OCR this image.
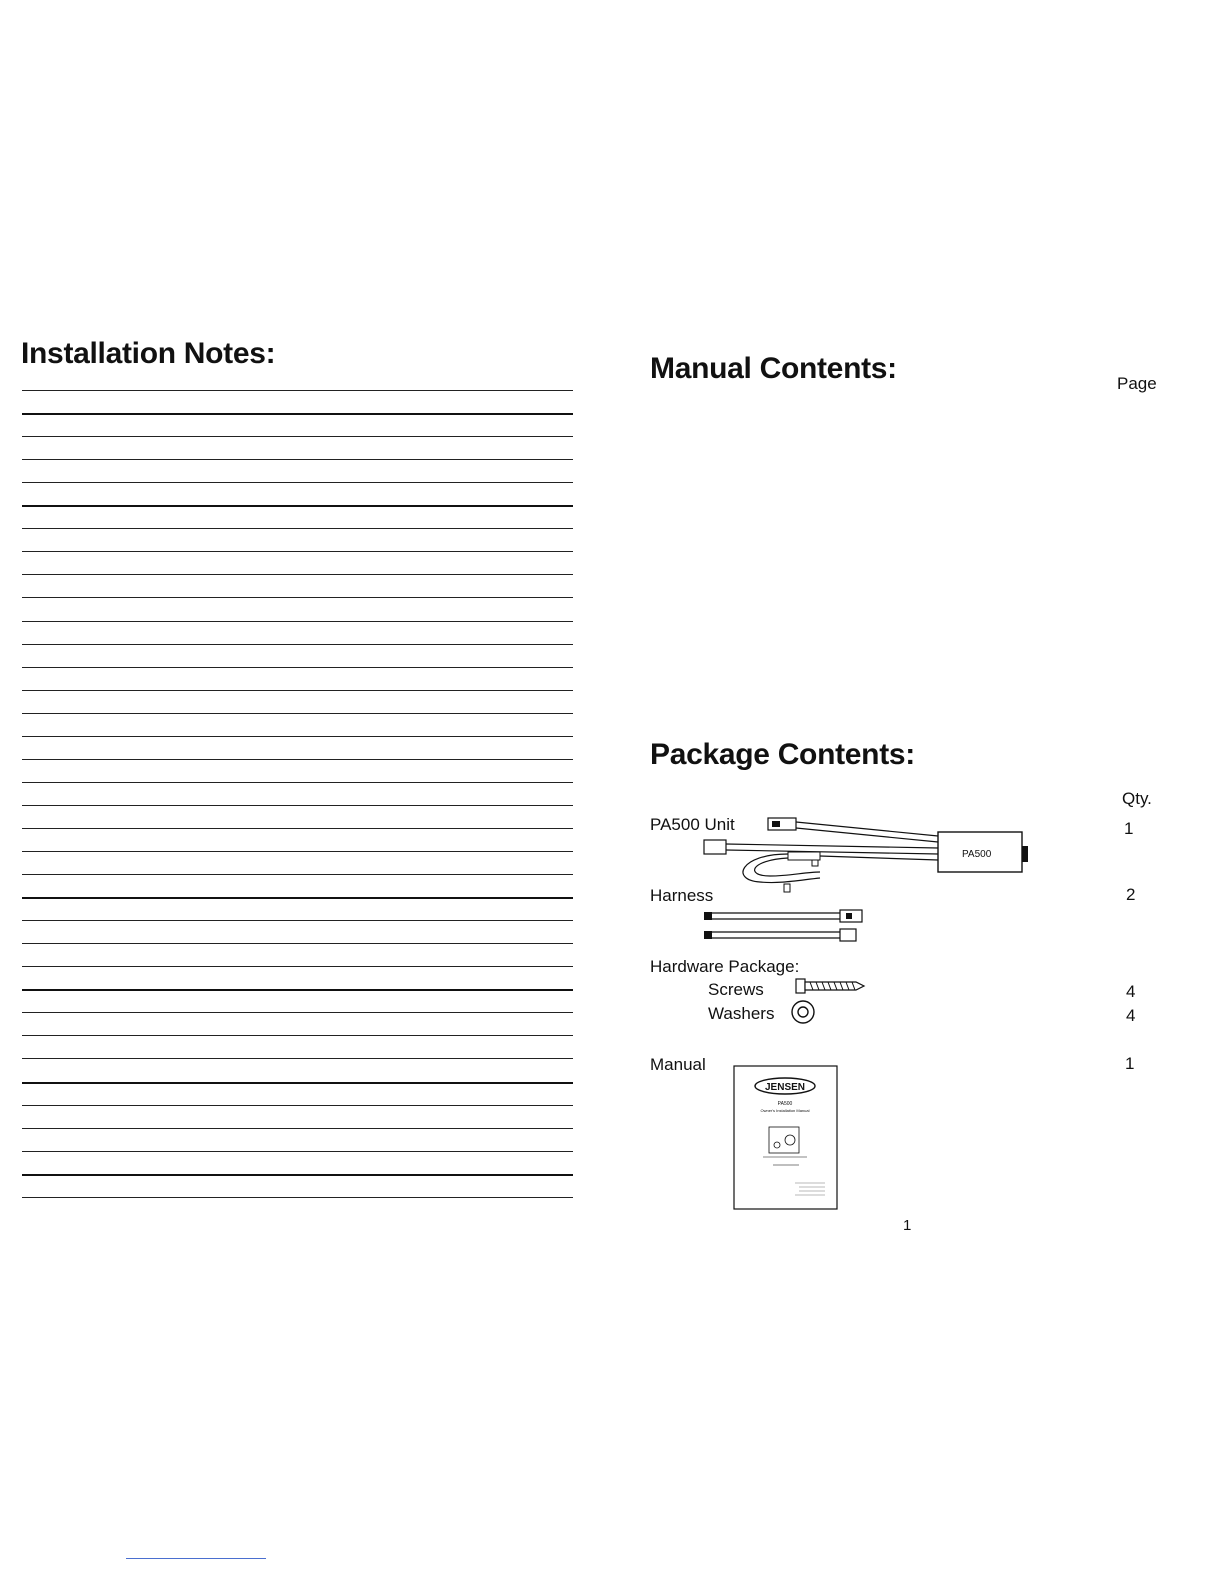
Installation Notes:	Manual Contents:	Page
Package Contents:
Qty.
PA500 Unit	1
PA500
Harness	2
Hardware Package:
Screws	4
Washers	4
Manual	1
JENSEN
PA500
Owner's Installation Manual
1
